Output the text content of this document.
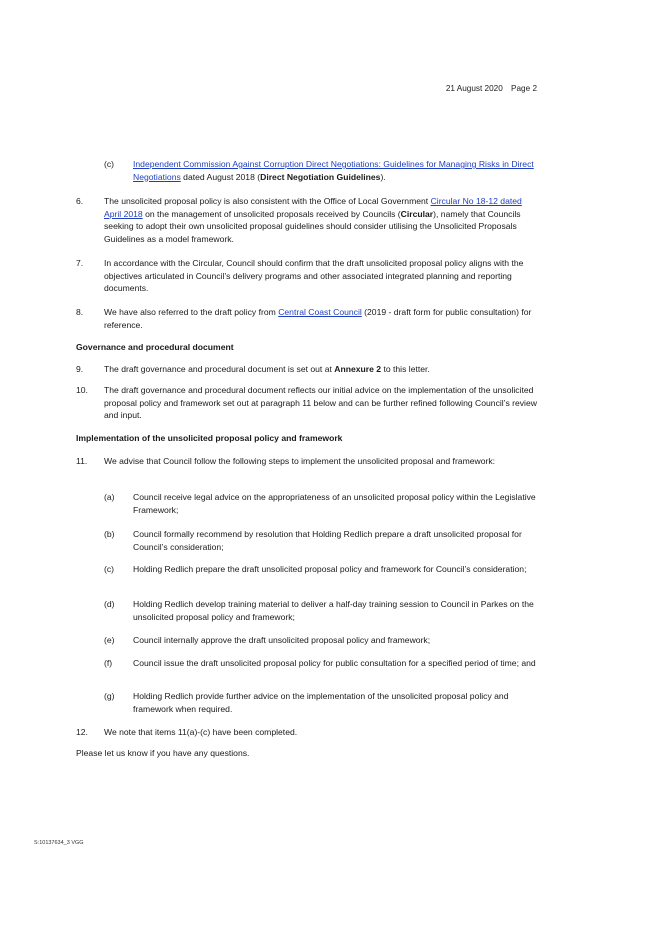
21 August 2020 Page 2
(c) Independent Commission Against Corruption Direct Negotiations: Guidelines for Managing Risks in Direct Negotiations dated August 2018 (Direct Negotiation Guidelines).
6. The unsolicited proposal policy is also consistent with the Office of Local Government Circular No 18-12 dated April 2018 on the management of unsolicited proposals received by Councils (Circular), namely that Councils seeking to adopt their own unsolicited proposal guidelines should consider utilising the Unsolicited Proposals Guidelines as a model framework.
7. In accordance with the Circular, Council should confirm that the draft unsolicited proposal policy aligns with the objectives articulated in Council’s delivery programs and other associated integrated planning and reporting documents.
8. We have also referred to the draft policy from Central Coast Council (2019 - draft form for public consultation) for reference.
Governance and procedural document
9. The draft governance and procedural document is set out at Annexure 2 to this letter.
10. The draft governance and procedural document reflects our initial advice on the implementation of the unsolicited proposal policy and framework set out at paragraph 11 below and can be further refined following Council’s review and input.
Implementation of the unsolicited proposal policy and framework
11. We advise that Council follow the following steps to implement the unsolicited proposal and framework:
(a) Council receive legal advice on the appropriateness of an unsolicited proposal policy within the Legislative Framework;
(b) Council formally recommend by resolution that Holding Redlich prepare a draft unsolicited proposal for Council’s consideration;
(c) Holding Redlich prepare the draft unsolicited proposal policy and framework for Council’s consideration;
(d) Holding Redlich develop training material to deliver a half-day training session to Council in Parkes on the unsolicited proposal policy and framework;
(e) Council internally approve the draft unsolicited proposal policy and framework;
(f) Council issue the draft unsolicited proposal policy for public consultation for a specified period of time; and
(g) Holding Redlich provide further advice on the implementation of the unsolicited proposal policy and framework when required.
12. We note that items 11(a)-(c) have been completed.
Please let us know if you have any questions.
S:10137634_3 VGG
